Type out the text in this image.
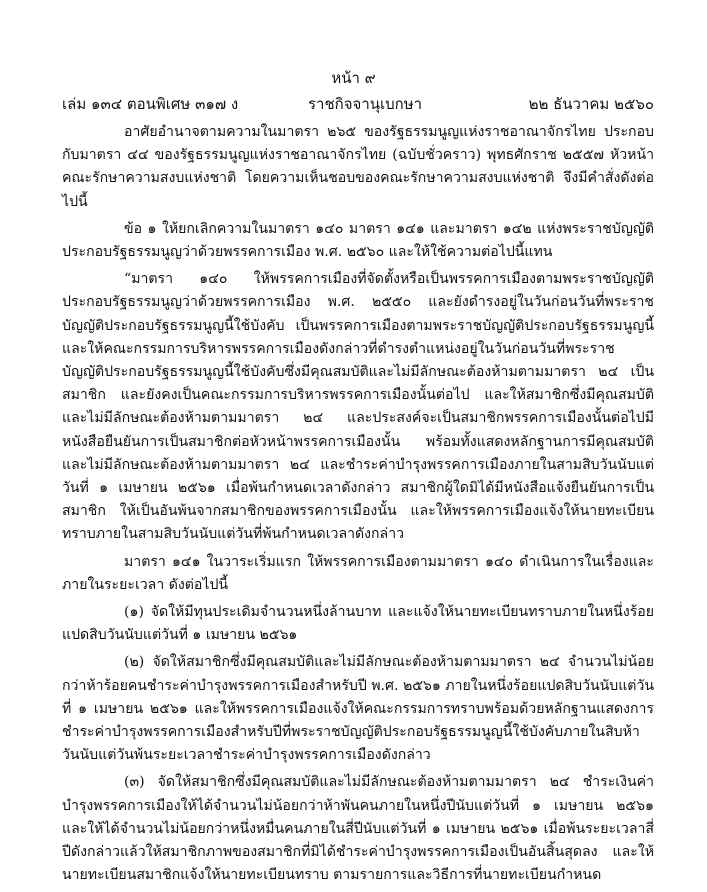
หน้า ๙
เล่ม ๑๓๔ ตอนพิเศษ ๓๑๗ ง	ราชกิจจานุเบกษา	๒๒ ธันวาคม ๒๕๖๐

อาศัยอำนาจตามความในมาตรา ๒๖๕ ของรัฐธรรมนูญแห่งราชอาณาจักรไทย ประกอบกับมาตรา ๔๔ ของรัฐธรรมนูญแห่งราชอาณาจักรไทย (ฉบับชั่วคราว) พุทธศักราช ๒๕๕๗ หัวหน้าคณะรักษาความสงบแห่งชาติ โดยความเห็นชอบของคณะรักษาความสงบแห่งชาติ จึงมีคำสั่งดังต่อไปนี้

ข้อ ๑ ให้ยกเลิกความในมาตรา ๑๔๐ มาตรา ๑๔๑ และมาตรา ๑๔๒ แห่งพระราชบัญญัติประกอบรัฐธรรมนูญว่าด้วยพรรคการเมือง พ.ศ. ๒๕๖๐ และให้ใช้ความต่อไปนี้แทน

“มาตรา ๑๔๐ ให้พรรคการเมืองที่จัดตั้งหรือเป็นพรรคการเมืองตามพระราชบัญญัติประกอบรัฐธรรมนูญว่าด้วยพรรคการเมือง พ.ศ. ๒๕๕๐ และยังดำรงอยู่ในวันก่อนวันที่พระราชบัญญัติประกอบรัฐธรรมนูญนี้ใช้บังคับ เป็นพรรคการเมืองตามพระราชบัญญัติประกอบรัฐธรรมนูญนี้ และให้คณะกรรมการบริหารพรรคการเมืองดังกล่าวที่ดำรงตำแหน่งอยู่ในวันก่อนวันที่พระราชบัญญัติประกอบรัฐธรรมนูญนี้ใช้บังคับซึ่งมีคุณสมบัติและไม่มีลักษณะต้องห้ามตามมาตรา ๒๔ เป็นสมาชิก และยังคงเป็นคณะกรรมการบริหารพรรคการเมืองนั้นต่อไป และให้สมาชิกซึ่งมีคุณสมบัติและไม่มีลักษณะต้องห้ามตามมาตรา ๒๔ และประสงค์จะเป็นสมาชิกพรรคการเมืองนั้นต่อไปมีหนังสือยืนยันการเป็นสมาชิกต่อหัวหน้าพรรคการเมืองนั้น พร้อมทั้งแสดงหลักฐานการมีคุณสมบัติและไม่มีลักษณะต้องห้ามตามมาตรา ๒๔ และชำระค่าบำรุงพรรคการเมืองภายในสามสิบวันนับแต่วันที่ ๑ เมษายน ๒๕๖๑ เมื่อพ้นกำหนดเวลาดังกล่าว สมาชิกผู้ใดมิได้มีหนังสือแจ้งยืนยันการเป็นสมาชิก ให้เป็นอันพ้นจากสมาชิกของพรรคการเมืองนั้น และให้พรรคการเมืองแจ้งให้นายทะเบียนทราบภายในสามสิบวันนับแต่วันที่พ้นกำหนดเวลาดังกล่าว

มาตรา ๑๔๑ ในวาระเริ่มแรก ให้พรรคการเมืองตามมาตรา ๑๔๐ ดำเนินการในเรื่องและภายในระยะเวลา ดังต่อไปนี้

(๑) จัดให้มีทุนประเดิมจำนวนหนึ่งล้านบาท และแจ้งให้นายทะเบียนทราบภายในหนึ่งร้อยแปดสิบวันนับแต่วันที่ ๑ เมษายน ๒๕๖๑

(๒) จัดให้สมาชิกซึ่งมีคุณสมบัติและไม่มีลักษณะต้องห้ามตามมาตรา ๒๔ จำนวนไม่น้อยกว่าห้าร้อยคนชำระค่าบำรุงพรรคการเมืองสำหรับปี พ.ศ. ๒๕๖๑ ภายในหนึ่งร้อยแปดสิบวันนับแต่วันที่ ๑ เมษายน ๒๕๖๑ และให้พรรคการเมืองแจ้งให้คณะกรรมการทราบพร้อมด้วยหลักฐานแสดงการชำระค่าบำรุงพรรคการเมืองสำหรับปีที่พระราชบัญญัติประกอบรัฐธรรมนูญนี้ใช้บังคับภายในสิบห้าวันนับแต่วันพ้นระยะเวลาชำระค่าบำรุงพรรคการเมืองดังกล่าว

(๓) จัดให้สมาชิกซึ่งมีคุณสมบัติและไม่มีลักษณะต้องห้ามตามมาตรา ๒๔ ชำระเงินค่าบำรุงพรรคการเมืองให้ได้จำนวนไม่น้อยกว่าห้าพันคนภายในหนึ่งปีนับแต่วันที่ ๑ เมษายน ๒๕๖๑ และให้ได้จำนวนไม่น้อยกว่าหนึ่งหมื่นคนภายในสี่ปีนับแต่วันที่ ๑ เมษายน ๒๕๖๑ เมื่อพ้นระยะเวลาสี่ปีดังกล่าวแล้วให้สมาชิกภาพของสมาชิกที่มิได้ชำระค่าบำรุงพรรคการเมืองเป็นอันสิ้นสุดลง และให้นายทะเบียนสมาชิกแจ้งให้นายทะเบียนทราบ ตามรายการและวิธีการที่นายทะเบียนกำหนด
